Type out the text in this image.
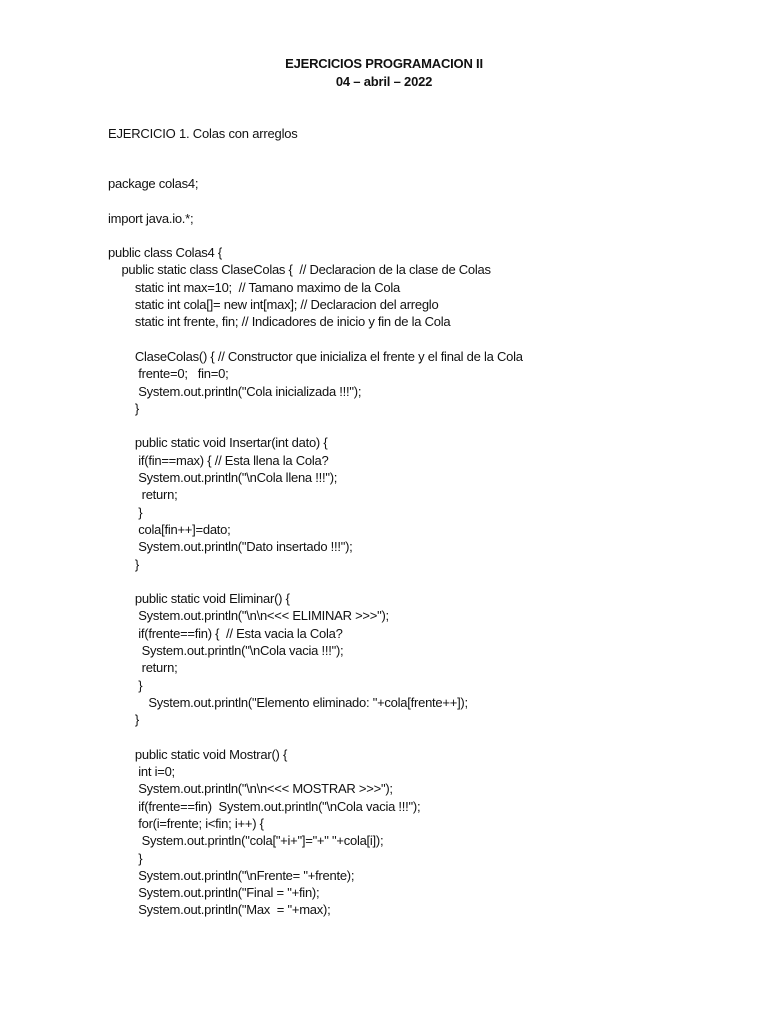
EJERCICIOS PROGRAMACION II
04 – abril – 2022
EJERCICIO 1. Colas con arreglos
package colas4;
import java.io.*;
public class Colas4 {
public static class ClaseColas {  // Declaracion de la clase de Colas
static int max=10;  // Tamano maximo de la Cola
static int cola[]= new int[max]; // Declaracion del arreglo
static int frente, fin; // Indicadores de inicio y fin de la Cola
ClaseColas() { // Constructor que inicializa el frente y el final de la Cola
frente=0;   fin=0;
System.out.println("Cola inicializada !!!");
}
public static void Insertar(int dato) {
if(fin==max) { // Esta llena la Cola?
System.out.println("\nCola llena !!!");
return;
}
cola[fin++]=dato;
System.out.println("Dato insertado !!!");
}
public static void Eliminar() {
System.out.println("\n\n<<< ELIMINAR >>>");
if(frente==fin) {  // Esta vacia la Cola?
System.out.println("\nCola vacia !!!");
return;
}
System.out.println("Elemento eliminado: "+cola[frente++]);
}
public static void Mostrar() {
int i=0;
System.out.println("\n\n<<< MOSTRAR >>>");
if(frente==fin)  System.out.println("\nCola vacia !!!");
for(i=frente; i<fin; i++) {
System.out.println("cola["+i+"]="+" "+cola[i]);
}
System.out.println("\nFrente= "+frente);
System.out.println("Final = "+fin);
System.out.println("Max  = "+max);
